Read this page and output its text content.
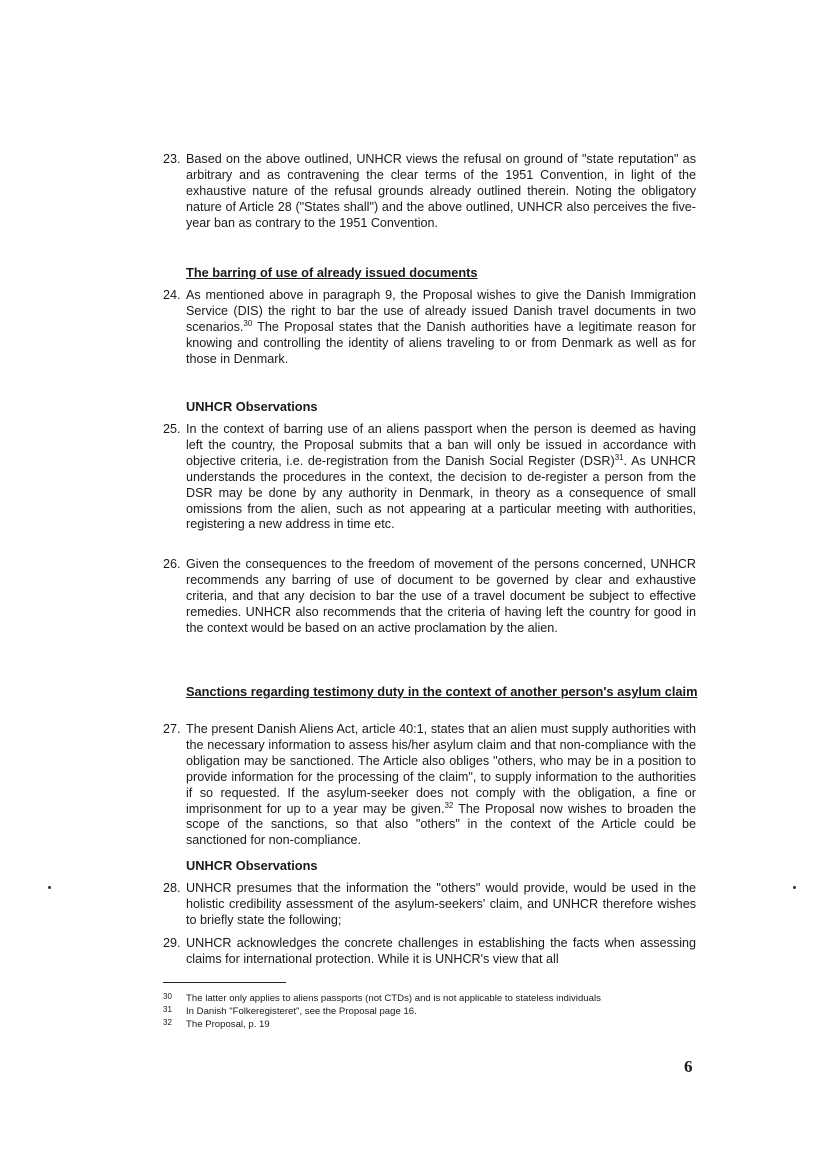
23. Based on the above outlined, UNHCR views the refusal on ground of "state reputation" as arbitrary and as contravening the clear terms of the 1951 Convention, in light of the exhaustive nature of the refusal grounds already outlined therein. Noting the obligatory nature of Article 28 ("States shall") and the above outlined, UNHCR also perceives the five-year ban as contrary to the 1951 Convention.
The barring of use of already issued documents
24. As mentioned above in paragraph 9, the Proposal wishes to give the Danish Immigration Service (DIS) the right to bar the use of already issued Danish travel documents in two scenarios.$^{30}$ The Proposal states that the Danish authorities have a legitimate reason for knowing and controlling the identity of aliens traveling to or from Denmark as well as for those in Denmark.
UNHCR Observations
25. In the context of barring use of an aliens passport when the person is deemed as having left the country, the Proposal submits that a ban will only be issued in accordance with objective criteria, i.e. de-registration from the Danish Social Register (DSR)$^{31}$. As UNHCR understands the procedures in the context, the decision to de-register a person from the DSR may be done by any authority in Denmark, in theory as a consequence of small omissions from the alien, such as not appearing at a particular meeting with authorities, registering a new address in time etc.
26. Given the consequences to the freedom of movement of the persons concerned, UNHCR recommends any barring of use of document to be governed by clear and exhaustive criteria, and that any decision to bar the use of a travel document be subject to effective remedies. UNHCR also recommends that the criteria of having left the country for good in the context would be based on an active proclamation by the alien.
Sanctions regarding testimony duty in the context of another person's asylum claim
27. The present Danish Aliens Act, article 40:1, states that an alien must supply authorities with the necessary information to assess his/her asylum claim and that non-compliance with the obligation may be sanctioned. The Article also obliges "others, who may be in a position to provide information for the processing of the claim", to supply information to the authorities if so requested. If the asylum-seeker does not comply with the obligation, a fine or imprisonment for up to a year may be given.$^{32}$ The Proposal now wishes to broaden the scope of the sanctions, so that also "others" in the context of the Article could be sanctioned for non-compliance.
UNHCR Observations
28. UNHCR presumes that the information the "others" would provide, would be used in the holistic credibility assessment of the asylum-seekers' claim, and UNHCR therefore wishes to briefly state the following;
29. UNHCR acknowledges the concrete challenges in establishing the facts when assessing claims for international protection. While it is UNHCR's view that all
30 The latter only applies to aliens passports (not CTDs) and is not applicable to stateless individuals
31 In Danish "Folkeregisteret", see the Proposal page 16.
32 The Proposal, p. 19
6
